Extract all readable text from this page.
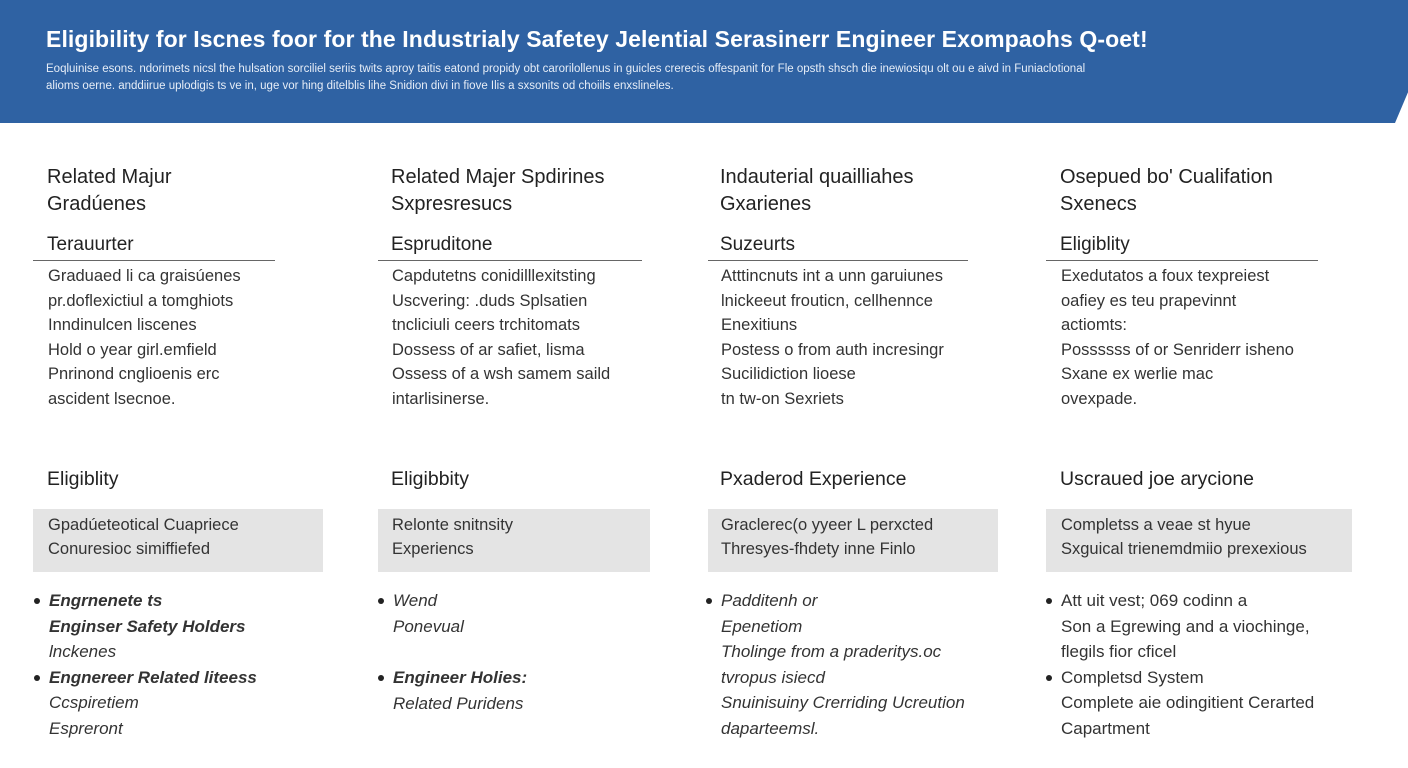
Eligibility for Iscnes foor for the Industrialy Safetey Jelential Serasinerr Engineer Exompaohs Q-oet!
Eoqluinise esons. ndorimets nicsl the hulsation sorciliel seriis twits aproy taitis eatond propidy obt carorilollenus in guicles crerecis offespanit for Fle opsth shsch die inewiosiqu olt ou e aivd in Funiaclotional
alioms oerne. anddiirue uplodigis ts ve in, uge vor hing ditelblis lihe Snidion divi in fiove Ilis a sxsonits od choiils enxslineles.
Related Majur
Gradúenes
Terauurter
Graduaed li ca graisúenes
pr.doflexictiul a tomghiots
Inndinulcen liscenes
Hold o year girl.emfield
Pnrinond cnglioenis erc
ascident lsecnoe.
Eligiblity
Gpadúeteotical Cuapriece
Conuresioc simiffiefed
Engrnenete ts
Enginser Safety Holders
lnckenes
Engnereer Related liteess
Ccspiretiem
Espreront
Related Majer Spdirines
Sxpresresucs
Espruditone
Capdutetns conidilllexitsting
Uscvering: .duds Splsatien
tncliciuli ceers trchitomats
Dossess of ar safiet, lisma
Ossess of a wsh samem saild
intarlisinerse.
Eligibbity
Relonte snitnsity
Experiencs
Wend
Ponevual
Engineer Holies:
Related Puridens
Indauterial quailliahes
Gxarienes
Suzeurts
Atttincnuts int a unn garuiunes
lnickeeut frouticn, cellhennce
Enexitiuns
Postess o from auth incresingr
Sucilidiction lioese
tn tw-on Sexriets
Pxaderod Experience
Graclerec(o yyeer L perxcted
Thresyes-fhdety inne Finlo
Padditenh or
Epenetiom
Tholinge from a praderitys.oc
tvropus isiecd
Snuinisuiny Crerriding Ucreution
daparteemsl.
Osepued bo' Cualifation
Sxenecs
Eligiblity
Exedutatos a foux texpreiest
oafiey es teu prapevinnt
actiomts:
Possssss of or Senriderr isheno
Sxane ex werlie mac
ovexpade.
Uscraued joe arycione
Completss a veae st hyue
Sxguical trienemdmiio prexexious
Att uit vest; 069 codinn a
Son a Egrewing and a viochinge,
flegils fior cficel
Completsd System
Complete aie odingitient Cerarted
Capartment
